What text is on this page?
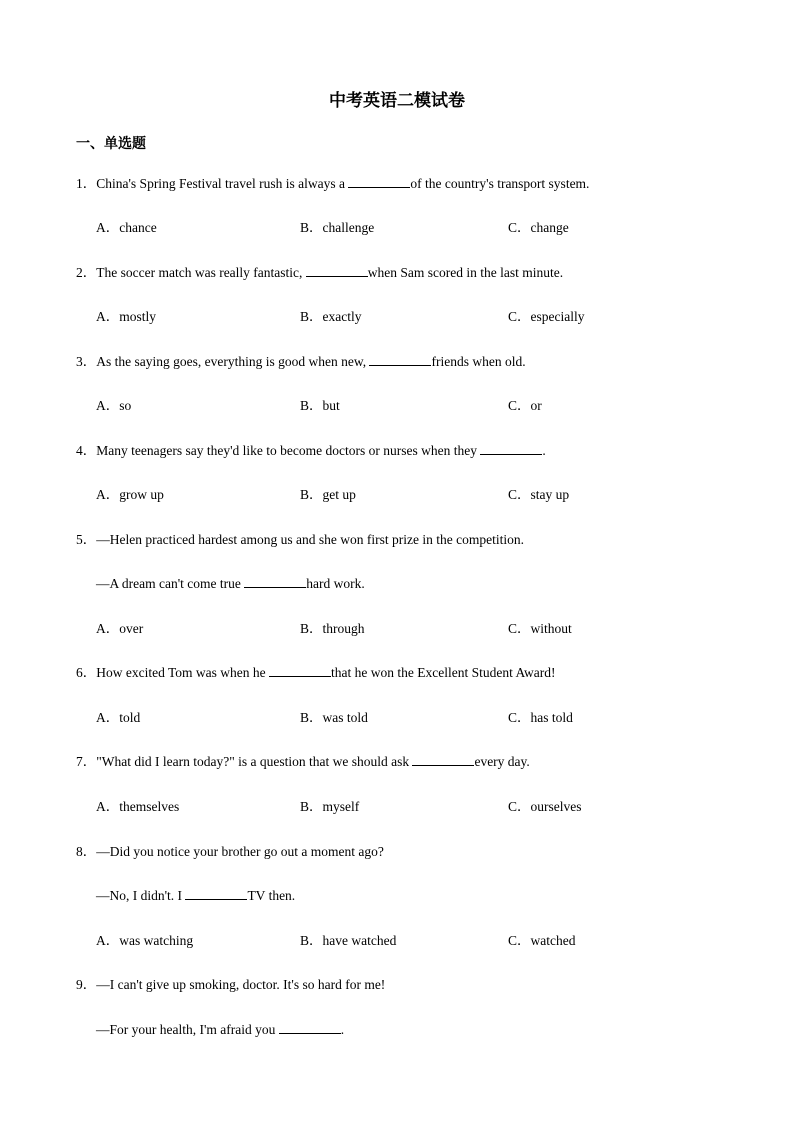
中考英语二模试卷
一、单选题
1．China's Spring Festival travel rush is always a	of the country's transport system.
A．chance	B．challenge	C．change
2．The soccer match was really fantastic,	when Sam scored in the last minute.
A．mostly	B．exactly	C．especially
3．As the saying goes, everything is good when new,	friends when old.
A．so	B．but	C．or
4．Many teenagers say they'd like to become doctors or nurses when they	.
A．grow up	B．get up	C．stay up
5．—Helen practiced hardest among us and she won first prize in the competition.
—A dream can't come true	hard work.
A．over	B．through	C．without
6．How excited Tom was when he	that he won the Excellent Student Award!
A．told	B．was told	C．has told
7．"What did I learn today?" is a question that we should ask	every day.
A．themselves	B．myself	C．ourselves
8．—Did you notice your brother go out a moment ago?
—No, I didn't. I	TV then.
A．was watching	B．have watched	C．watched
9．—I can't give up smoking, doctor. It's so hard for me!
—For your health, I'm afraid you	.
